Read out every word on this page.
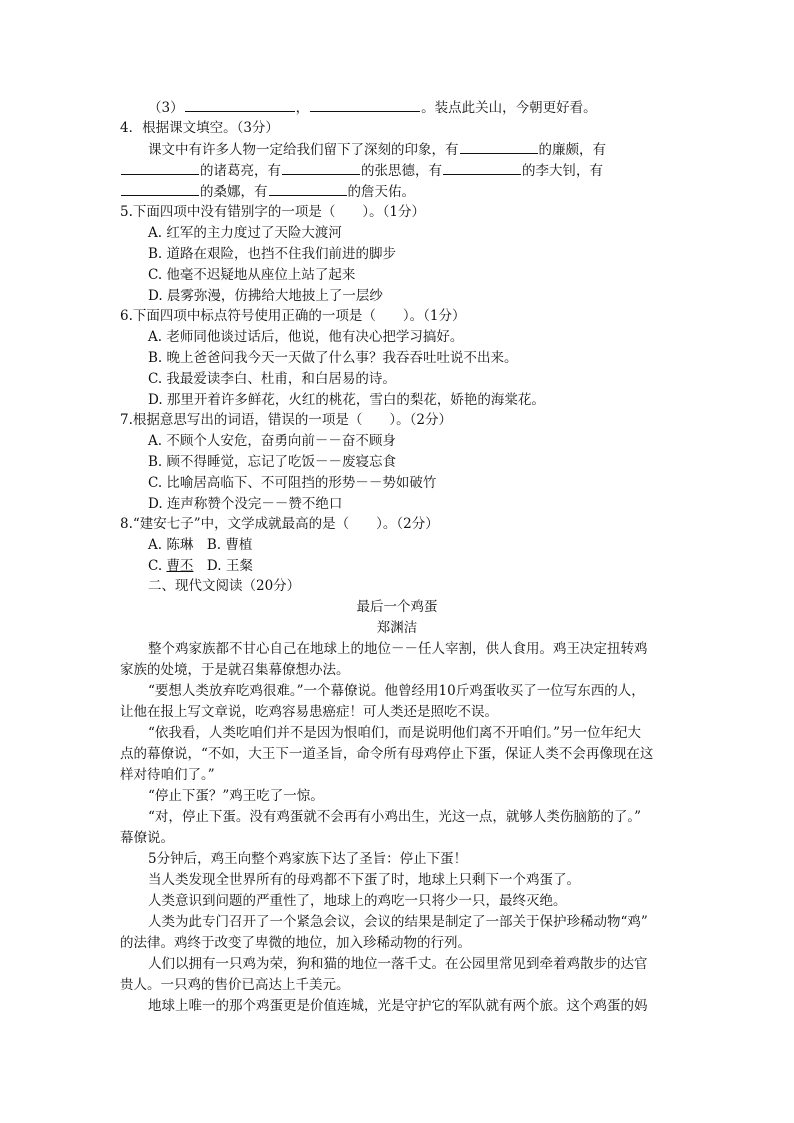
（3）	，	。装点此关山，今朝更好看。
4．根据课文填空。（3分）
课文中有许多人物一定给我们留下了深刻的印象，有	的廉颇，有
的诸葛亮，有	的张思德，有	的李大钊，有
的桑娜，有	的詹天佑。
5.下面四项中没有错别字的一项是（　　）。（1分）
A. 红军的主力度过了天险大渡河
B. 道路在艰险，也挡不住我们前进的脚步
C. 他毫不迟疑地从座位上站了起来
D. 晨雾弥漫，仿拂给大地披上了一层纱
6.下面四项中标点符号使用正确的一项是（　　）。（1分）
A. 老师同他谈过话后，他说，他有决心把学习搞好。
B. 晚上爸爸问我今天一天做了什么事？我吞吞吐吐说不出来。
C. 我最爱读李白、杜甫，和白居易的诗。
D. 那里开着许多鲜花，火红的桃花，雪白的梨花，娇艳的海棠花。
7.根据意思写出的词语，错误的一项是（　　）。（2分）
A. 不顾个人安危，奋勇向前－－奋不顾身
B. 顾不得睡觉，忘记了吃饭－－废寝忘食
C. 比喻居高临下、不可阻挡的形势－－势如破竹
D. 连声称赞个没完－－赞不绝口
8.“建安七子”中，文学成就最高的是（　　）。（2分）
A. 陈琳　B. 曹植
C. 曹丕　D. 王粲
二、现代文阅读（20分）
最后一个鸡蛋
郑渊洁
整个鸡家族都不甘心自己在地球上的地位－－任人宰割，供人食用。鸡王决定扭转鸡
家族的处境，于是就召集幕僚想办法。
“要想人类放弃吃鸡很难。”一个幕僚说。他曾经用10斤鸡蛋收买了一位写东西的人，
让他在报上写文章说，吃鸡容易患癌症！可人类还是照吃不误。
“依我看，人类吃咱们并不是因为恨咱们，而是说明他们离不开咱们。”另一位年纪大
点的幕僚说，“不如，大王下一道圣旨，命令所有母鸡停止下蛋，保证人类不会再像现在这
样对待咱们了。”
“停止下蛋？”鸡王吃了一惊。
“对，停止下蛋。没有鸡蛋就不会再有小鸡出生，光这一点，就够人类伤脑筋的了。”
幕僚说。
5分钟后，鸡王向整个鸡家族下达了圣旨：停止下蛋！
当人类发现全世界所有的母鸡都不下蛋了时，地球上只剩下一个鸡蛋了。
人类意识到问题的严重性了，地球上的鸡吃一只将少一只，最终灭绝。
人类为此专门召开了一个紧急会议，会议的结果是制定了一部关于保护珍稀动物“鸡”
的法律。鸡终于改变了卑微的地位，加入珍稀动物的行列。
人们以拥有一只鸡为荣，狗和猫的地位一落千丈。在公园里常见到牵着鸡散步的达官
贵人。一只鸡的售价已高达上千美元。
地球上唯一的那个鸡蛋更是价值连城，光是守护它的军队就有两个旅。这个鸡蛋的妈
